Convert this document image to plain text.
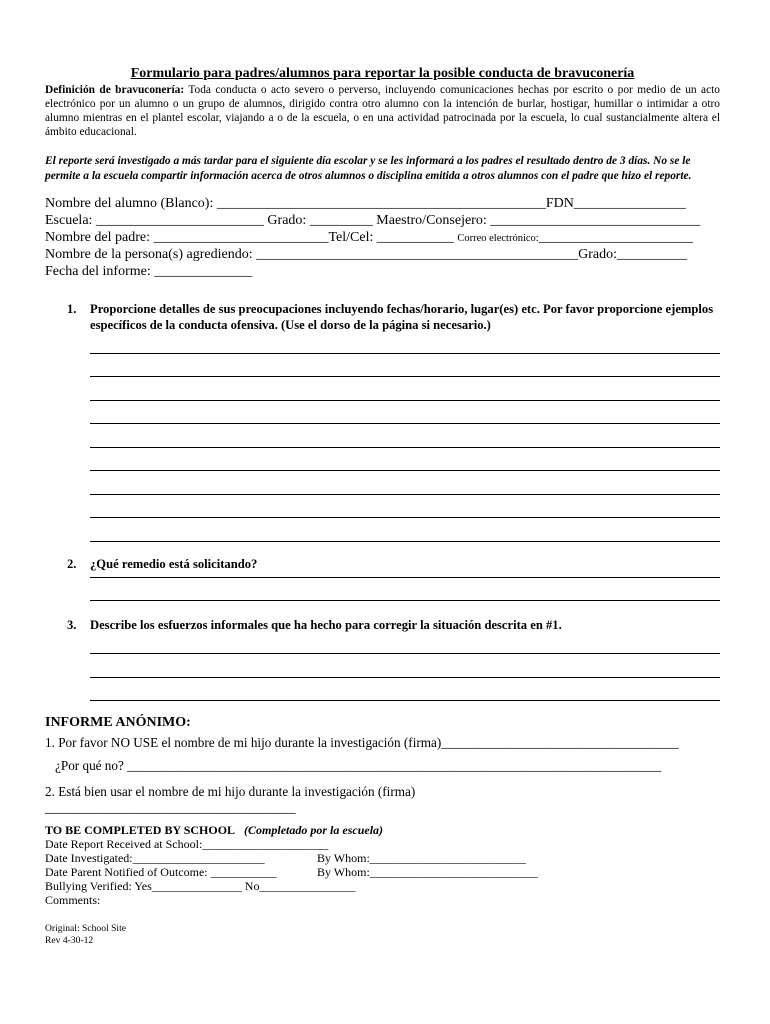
Formulario para padres/alumnos para reportar la posible conducta de bravuconería

Definición de bravuconería: Toda conducta o acto severo o perverso, incluyendo comunicaciones hechas por escrito o por medio de un acto electrónico por un alumno o un grupo de alumnos, dirigido contra otro alumno con la intención de burlar, hostigar, humillar o intimidar a otro alumno mientras en el plantel escolar, viajando a o de la escuela, o en una actividad patrocinada por la escuela, lo cual sustancialmente altera el ámbito educacional.

El reporte será investigado a más tardar para el siguiente día escolar y se les informará a los padres el resultado dentro de 3 días. No se le permite a la escuela compartir información acerca de otros alumnos o disciplina emitida a otros alumnos con el padre que hizo el reporte.

Nombre del alumno (Blanco): _______________________________________________FDN________________
Escuela: ________________________ Grado: _________ Maestro/Consejero: ______________________________
Nombre del padre: _________________________Tel/Cel: ___________ Correo electrónico:______________________
Nombre de la persona(s) agrediendo: ______________________________________________Grado:__________
Fecha del informe: ______________
1. Proporcione detalles de sus preocupaciones incluyendo fechas/horario, lugar(es) etc. Por favor proporcione ejemplos específicos de la conducta ofensiva. (Use el dorso de la página si necesario.)
2. ¿Qué remedio está solicitando?
3. Describe los esfuerzos informales que ha hecho para corregir la situación descrita en #1.
INFORME ANÓNIMO:
1. Por favor NO USE el nombre de mi hijo durante la investigación (firma)____________________________________
¿Por qué no? _________________________________________________________________________________
2. Está bien usar el nombre de mi hijo durante la investigación (firma)
______________________________________
TO BE COMPLETED BY SCHOOL (Completado por la escuela)
Date Report Received at School:_____________________
Date Investigated:______________________	By Whom:__________________________
Date Parent Notified of Outcome: ___________	By Whom:____________________________
Bullying Verified: Yes_______________ No________________
Comments:
Original: School Site
Rev 4-30-12
